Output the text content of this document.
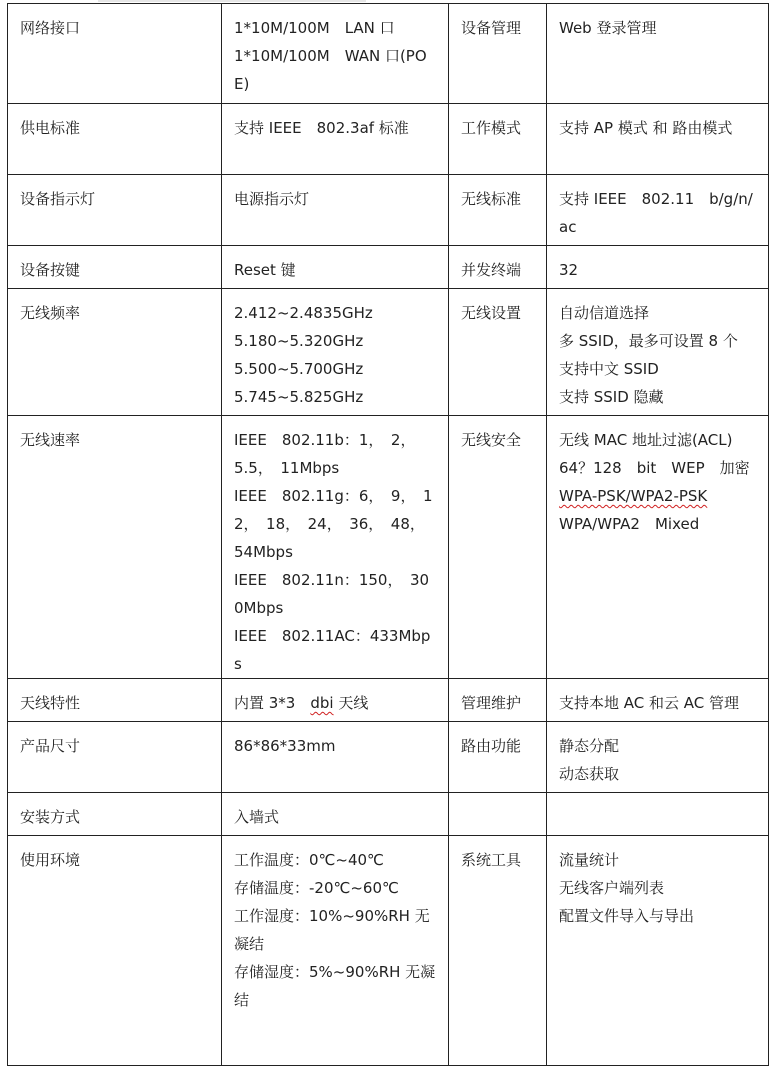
网络接口	1*10M/100M　LAN 口
1*10M/100M　WAN 口(POE)	设备管理	Web 登录管理

供电标准	支持 IEEE　802.3af 标准	工作模式	支持 AP 模式 和 路由模式

设备指示灯	电源指示灯	无线标准	支持 IEEE　802.11　b/g/n/ac

设备按键	Reset 键	并发终端	32

无线频率	2.412~2.4835GHz
5.180~5.320GHz
5.500~5.700GHz
5.745~5.825GHz	无线设置	自动信道选择
多 SSID，最多可设置 8 个
支持中文 SSID
支持 SSID 隐藏

无线速率	IEEE　802.11b：1，　2，　5.5，　11Mbps
IEEE　802.11g：6，　9，　12，　18，　24，　36，　48，　54Mbps
IEEE　802.11n：150，　300Mbps
IEEE　802.11AC：433Mbps	无线安全	无线 MAC 地址过滤(ACL)
64？128　bit　WEP　加密
WPA-PSK/WPA2-PSK
WPA/WPA2　Mixed

天线特性	内置 3*3　dbi 天线	管理维护	支持本地 AC 和云 AC 管理

产品尺寸	86*86*33mm	路由功能	静态分配
动态获取

安装方式	入墙式		

使用环境	工作温度：0℃~40℃
存储温度：-20℃~60℃
工作湿度：10%~90%RH 无凝结
存储湿度：5%~90%RH 无凝结	系统工具	流量统计
无线客户端列表
配置文件导入与导出
